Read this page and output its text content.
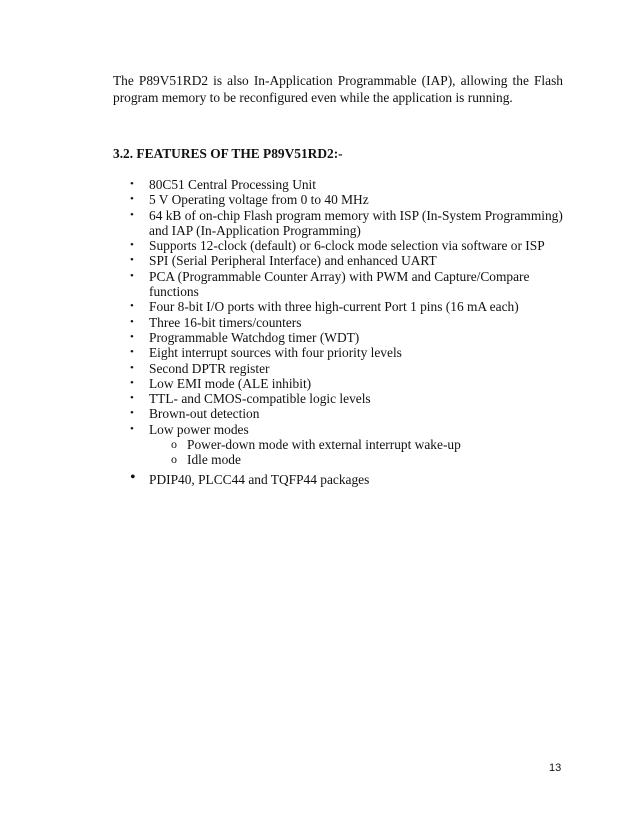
The P89V51RD2 is also In-Application Programmable (IAP), allowing the Flash program memory to be reconfigured even while the application is running.

3.2. FEATURES OF THE P89V51RD2:-
• 80C51 Central Processing Unit
• 5 V Operating voltage from 0 to 40 MHz
• 64 kB of on-chip Flash program memory with ISP (In-System Programming) and IAP (In-Application Programming)
• Supports 12-clock (default) or 6-clock mode selection via software or ISP
• SPI (Serial Peripheral Interface) and enhanced UART
• PCA (Programmable Counter Array) with PWM and Capture/Compare functions
• Four 8-bit I/O ports with three high-current Port 1 pins (16 mA each)
• Three 16-bit timers/counters
• Programmable Watchdog timer (WDT)
• Eight interrupt sources with four priority levels
• Second DPTR register
• Low EMI mode (ALE inhibit)
• TTL- and CMOS-compatible logic levels
• Brown-out detection
• Low power modes
o Power-down mode with external interrupt wake-up
o Idle mode
• PDIP40, PLCC44 and TQFP44 packages
13
